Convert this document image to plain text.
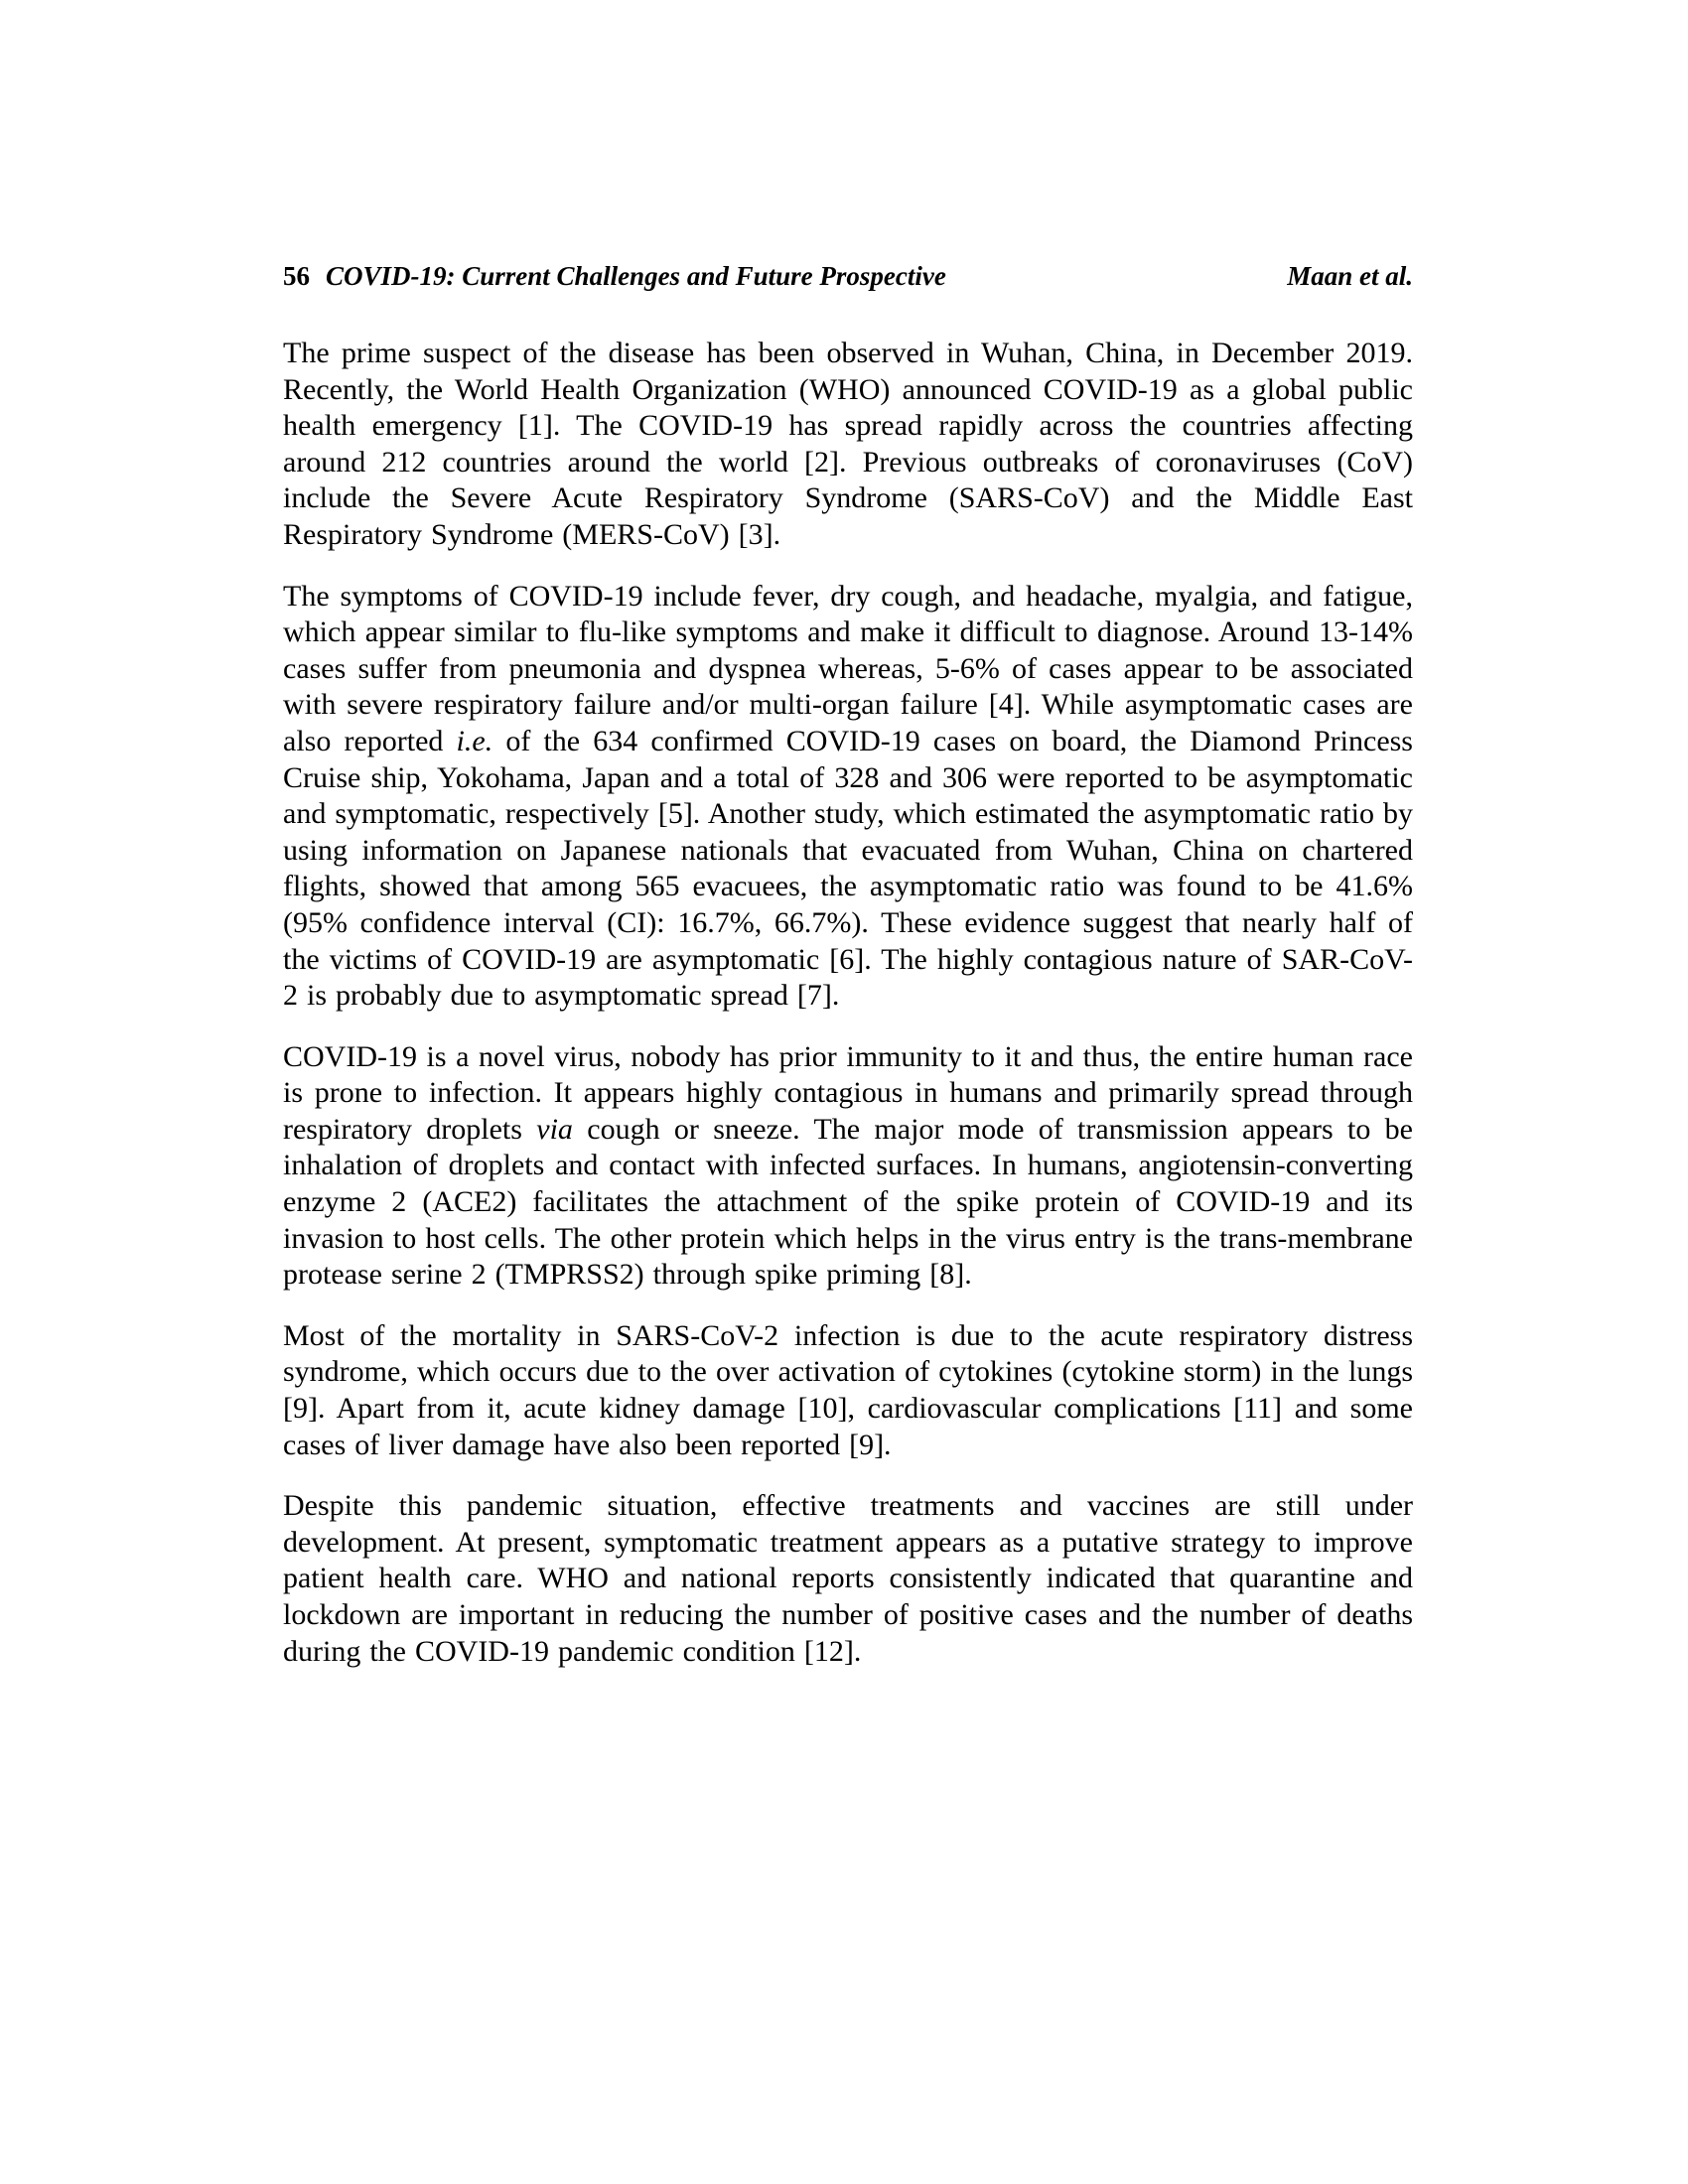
56 COVID-19: Current Challenges and Future Prospective	Maan et al.

The prime suspect of the disease has been observed in Wuhan, China, in December 2019. Recently, the World Health Organization (WHO) announced COVID-19 as a global public health emergency [1]. The COVID-19 has spread rapidly across the countries affecting around 212 countries around the world [2]. Previous outbreaks of coronaviruses (CoV) include the Severe Acute Respiratory Syndrome (SARS-CoV) and the Middle East Respiratory Syndrome (MERS-CoV) [3].

The symptoms of COVID-19 include fever, dry cough, and headache, myalgia, and fatigue, which appear similar to flu-like symptoms and make it difficult to diagnose. Around 13-14% cases suffer from pneumonia and dyspnea whereas, 5-6% of cases appear to be associated with severe respiratory failure and/or multi-organ failure [4]. While asymptomatic cases are also reported i.e. of the 634 confirmed COVID-19 cases on board, the Diamond Princess Cruise ship, Yokohama, Japan and a total of 328 and 306 were reported to be asymptomatic and symptomatic, respectively [5]. Another study, which estimated the asymptomatic ratio by using information on Japanese nationals that evacuated from Wuhan, China on chartered flights, showed that among 565 evacuees, the asymptomatic ratio was found to be 41.6% (95% confidence interval (CI): 16.7%, 66.7%). These evidence suggest that nearly half of the victims of COVID-19 are asymptomatic [6]. The highly contagious nature of SAR-CoV-2 is probably due to asymptomatic spread [7].

COVID-19 is a novel virus, nobody has prior immunity to it and thus, the entire human race is prone to infection. It appears highly contagious in humans and primarily spread through respiratory droplets via cough or sneeze. The major mode of transmission appears to be inhalation of droplets and contact with infected surfaces. In humans, angiotensin-converting enzyme 2 (ACE2) facilitates the attachment of the spike protein of COVID-19 and its invasion to host cells. The other protein which helps in the virus entry is the trans-membrane protease serine 2 (TMPRSS2) through spike priming [8].

Most of the mortality in SARS-CoV-2 infection is due to the acute respiratory distress syndrome, which occurs due to the over activation of cytokines (cytokine storm) in the lungs [9]. Apart from it, acute kidney damage [10], cardiovascular complications [11] and some cases of liver damage have also been reported [9].

Despite this pandemic situation, effective treatments and vaccines are still under development. At present, symptomatic treatment appears as a putative strategy to improve patient health care. WHO and national reports consistently indicated that quarantine and lockdown are important in reducing the number of positive cases and the number of deaths during the COVID-19 pandemic condition [12].
